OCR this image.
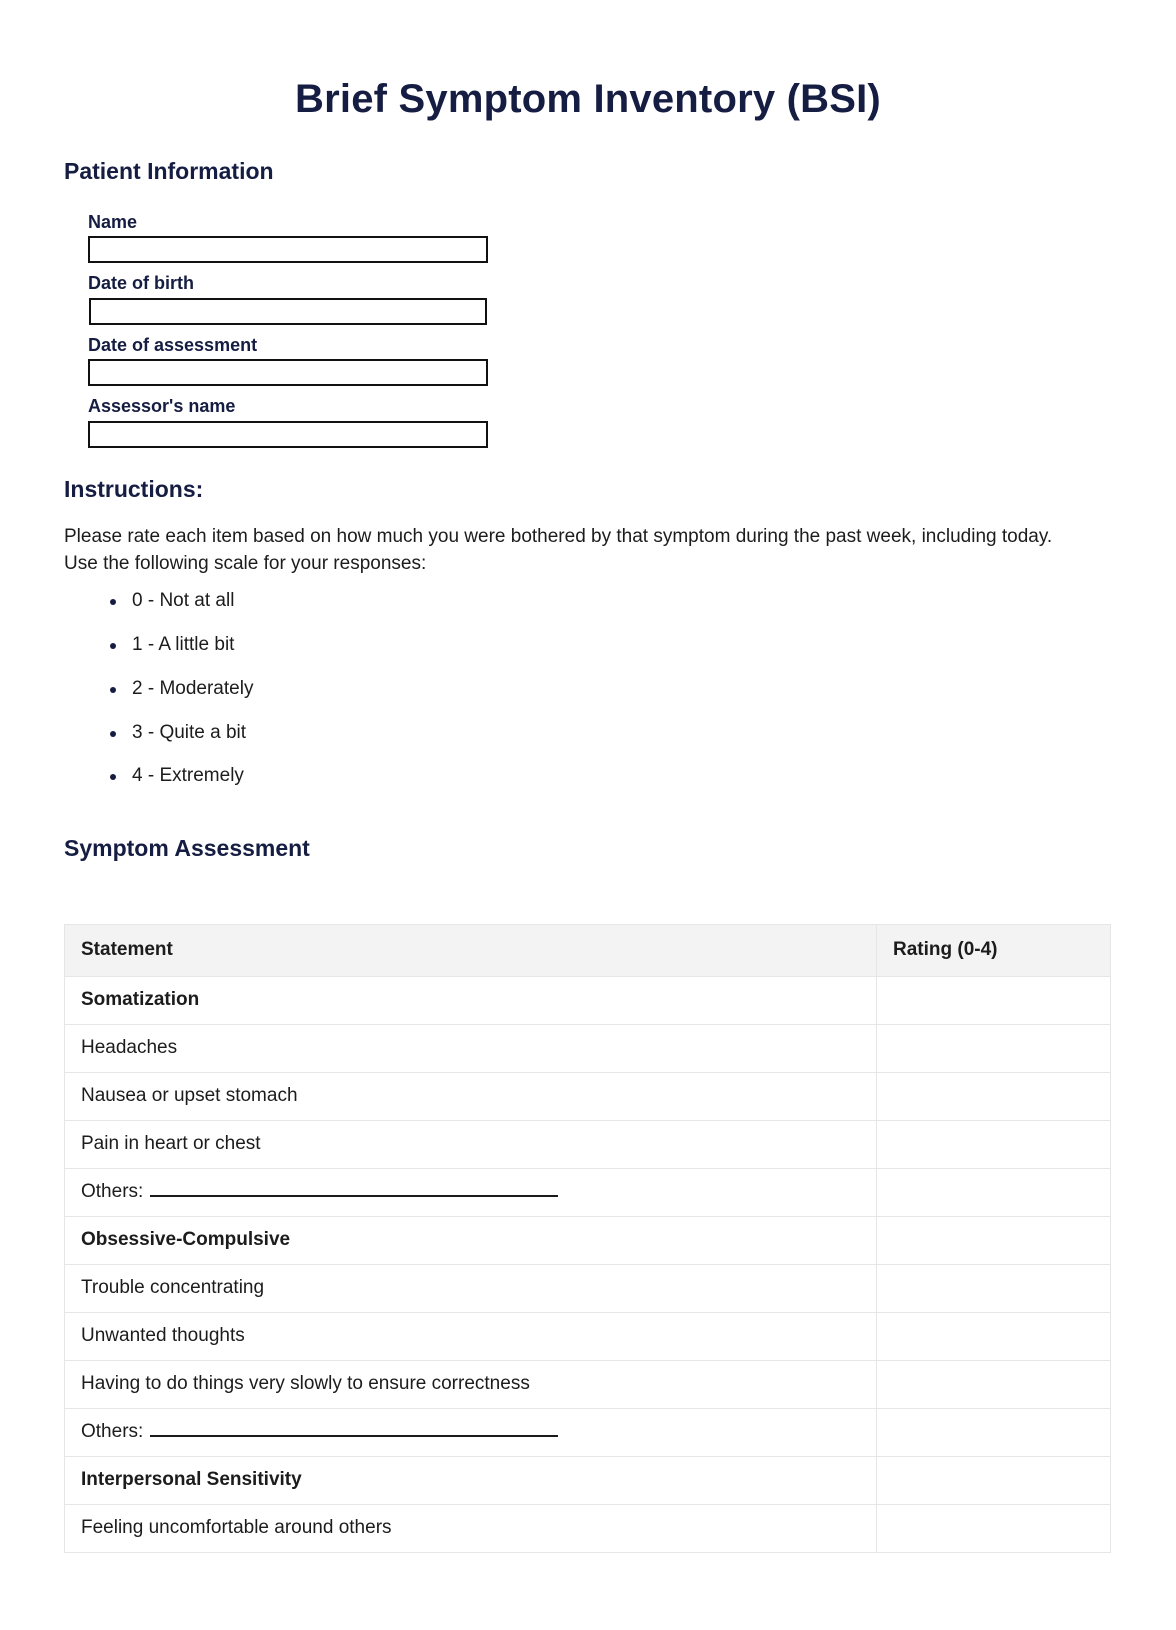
Brief Symptom Inventory (BSI)
Patient Information
Name
Date of birth
Date of assessment
Assessor's name
Instructions:

Please rate each item based on how much you were bothered by that symptom during the past week, including today. Use the following scale for your responses:

0 - Not at all
1 - A little bit
2 - Moderately
3 - Quite a bit
4 - Extremely
Symptom Assessment
Statement	Rating (0-4)
Somatization	
Headaches	
Nausea or upset stomach	
Pain in heart or chest	
Others:	
Obsessive-Compulsive	
Trouble concentrating	
Unwanted thoughts	
Having to do things very slowly to ensure correctness	
Others:	
Interpersonal Sensitivity	
Feeling uncomfortable around others	
